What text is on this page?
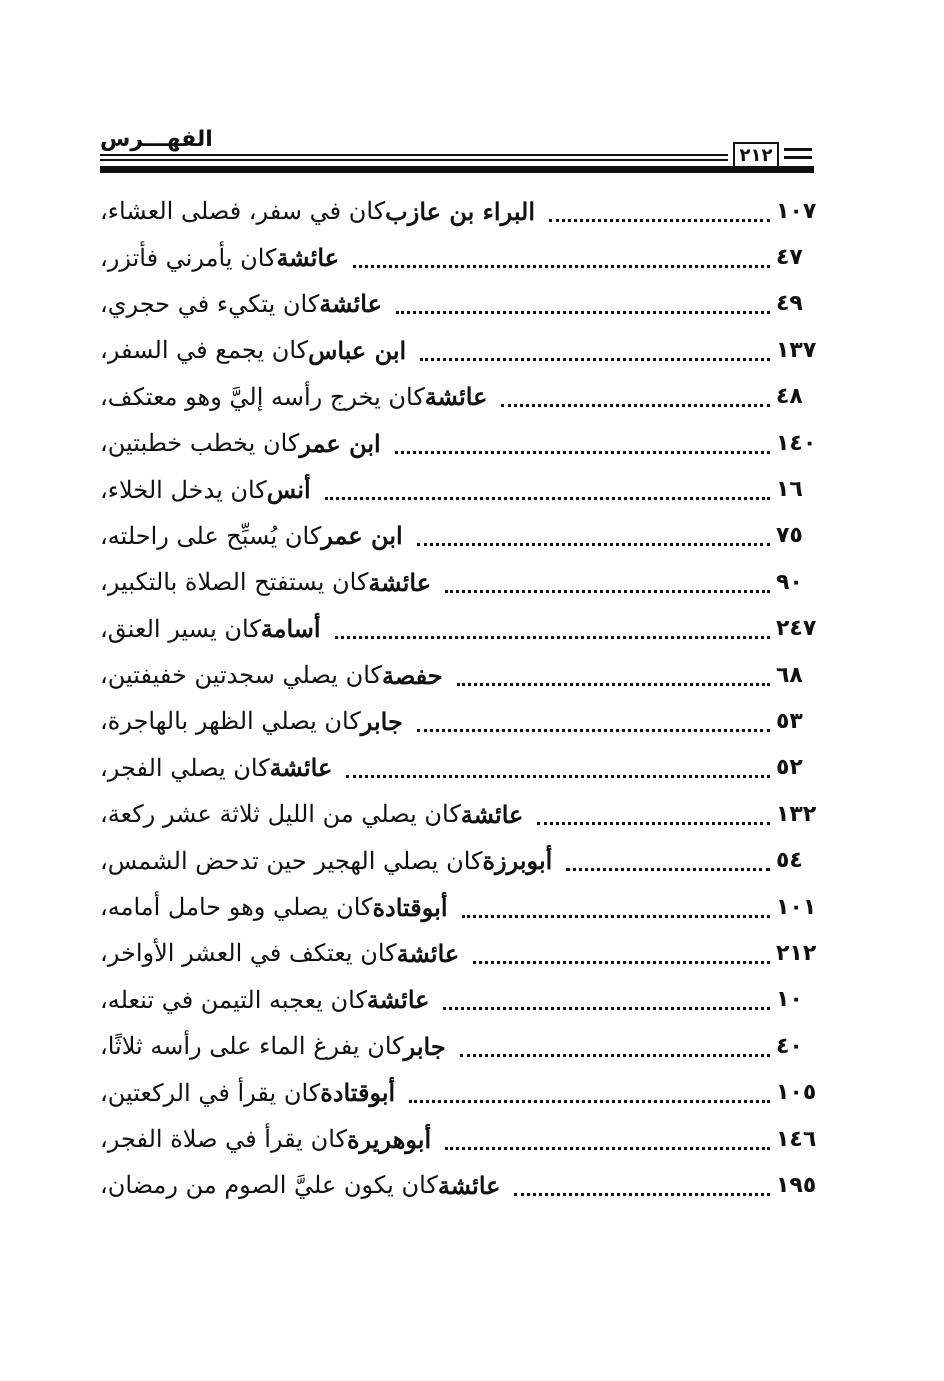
الفهـــرس
٢١٢
كان في سفر، فصلى العشاء، البراء بن عازب	١٠٧
كان يأمرني فأتزر، عائشة	٤٧
كان يتكيء في حجري، عائشة	٤٩
كان يجمع في السفر، ابن عباس	١٣٧
كان يخرج رأسه إليَّ وهو معتكف، عائشة	٤٨
كان يخطب خطبتين، ابن عمر	١٤٠
كان يدخل الخلاء، أنس	١٦
كان يُسبِّح على راحلته، ابن عمر	٧٥
كان يستفتح الصلاة بالتكبير، عائشة	٩٠
كان يسير العنق، أسامة	٢٤٧
كان يصلي سجدتين خفيفتين، حفصة	٦٨
كان يصلي الظهر بالهاجرة، جابر	٥٣
كان يصلي الفجر، عائشة	٥٢
كان يصلي من الليل ثلاثة عشر ركعة، عائشة	١٣٢
كان يصلي الهجير حين تدحض الشمس، أبوبرزة	٥٤
كان يصلي وهو حامل أمامه، أبوقتادة	١٠١
كان يعتكف في العشر الأواخر، عائشة	٢١٢
كان يعجبه التيمن في تنعله، عائشة	١٠
كان يفرغ الماء على رأسه ثلاثًا، جابر	٤٠
كان يقرأ في الركعتين، أبوقتادة	١٠٥
كان يقرأ في صلاة الفجر، أبوهريرة	١٤٦
كان يكون عليَّ الصوم من رمضان، عائشة	١٩٥
